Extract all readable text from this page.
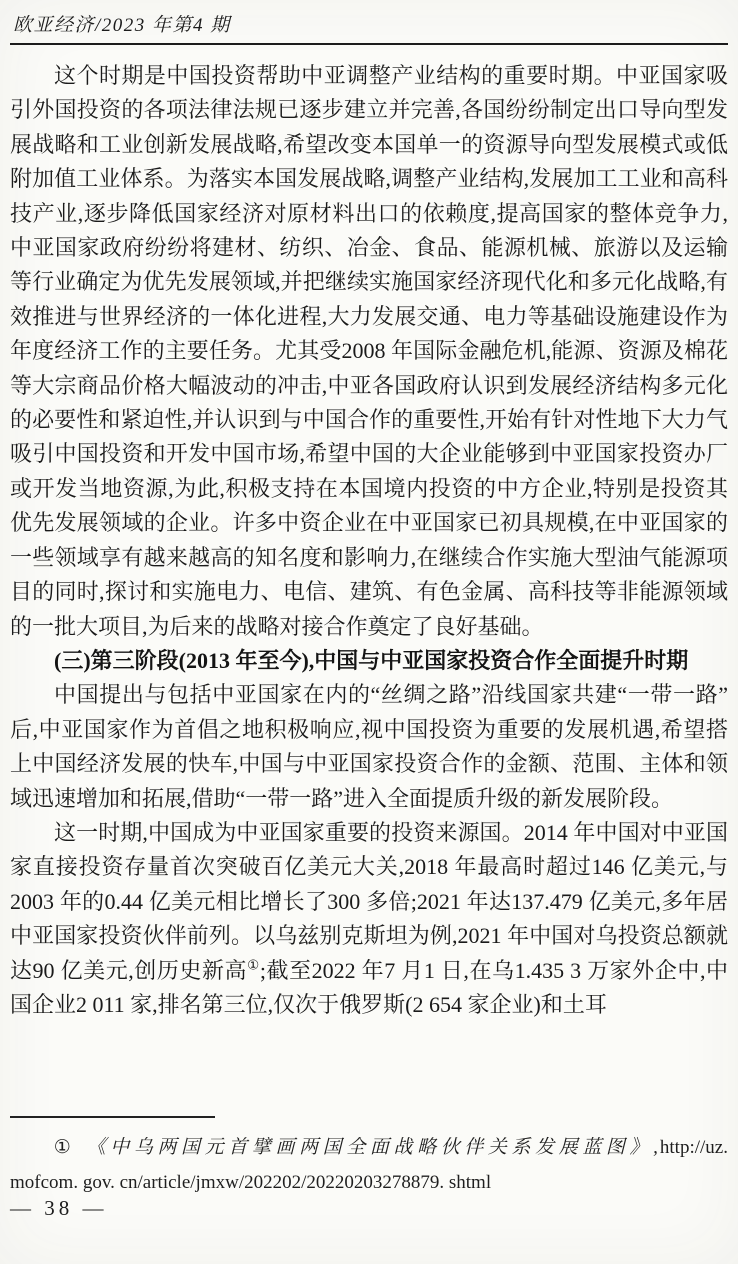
欧亚经济/2023 年第4 期

这个时期是中国投资帮助中亚调整产业结构的重要时期。中亚国家吸引外国投资的各项法律法规已逐步建立并完善,各国纷纷制定出口导向型发展战略和工业创新发展战略,希望改变本国单一的资源导向型发展模式或低附加值工业体系。为落实本国发展战略,调整产业结构,发展加工工业和高科技产业,逐步降低国家经济对原材料出口的依赖度,提高国家的整体竞争力,中亚国家政府纷纷将建材、纺织、冶金、食品、能源机械、旅游以及运输等行业确定为优先发展领域,并把继续实施国家经济现代化和多元化战略,有效推进与世界经济的一体化进程,大力发展交通、电力等基础设施建设作为年度经济工作的主要任务。尤其受2008 年国际金融危机,能源、资源及棉花等大宗商品价格大幅波动的冲击,中亚各国政府认识到发展经济结构多元化的必要性和紧迫性,并认识到与中国合作的重要性,开始有针对性地下大力气吸引中国投资和开发中国市场,希望中国的大企业能够到中亚国家投资办厂或开发当地资源,为此,积极支持在本国境内投资的中方企业,特别是投资其优先发展领域的企业。许多中资企业在中亚国家已初具规模,在中亚国家的一些领域享有越来越高的知名度和影响力,在继续合作实施大型油气能源项目的同时,探讨和实施电力、电信、建筑、有色金属、高科技等非能源领域的一批大项目,为后来的战略对接合作奠定了良好基础。

(三)第三阶段(2013 年至今),中国与中亚国家投资合作全面提升时期

中国提出与包括中亚国家在内的“丝绸之路”沿线国家共建“一带一路”后,中亚国家作为首倡之地积极响应,视中国投资为重要的发展机遇,希望搭上中国经济发展的快车,中国与中亚国家投资合作的金额、范围、主体和领域迅速增加和拓展,借助“一带一路”进入全面提质升级的新发展阶段。

这一时期,中国成为中亚国家重要的投资来源国。2014 年中国对中亚国家直接投资存量首次突破百亿美元大关,2018 年最高时超过146 亿美元,与2003 年的0.44 亿美元相比增长了300 多倍;2021 年达137.479 亿美元,多年居中亚国家投资伙伴前列。以乌兹别克斯坦为例,2021 年中国对乌投资总额就达90 亿美元,创历史新高①;截至2022 年7 月1 日,在乌1.435 3 万家外企中,中国企业2 011 家,排名第三位,仅次于俄罗斯(2 654 家企业)和土耳

① 《中乌两国元首擘画两国全面战略伙伴关系发展蓝图》,http://uz. mofcom. gov. cn/article/jmxw/202202/20220203278879. shtml
— 38 —
